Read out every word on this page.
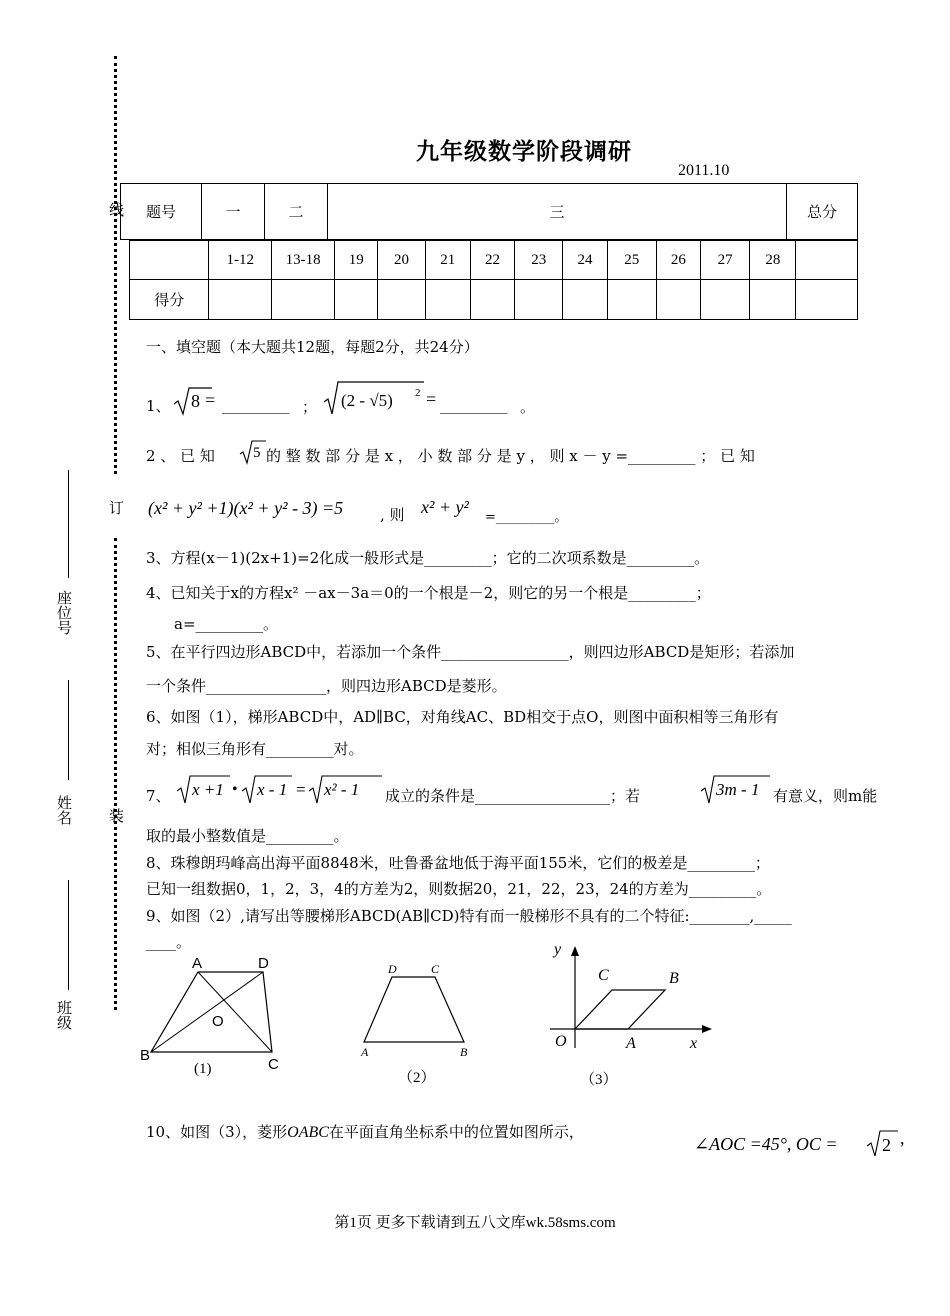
九年级数学阶段调研
2011.10
线
订
装
座位号
姓名
班级
题号	一	二	三	总分
	1-12	13-18	19	20	21	22	23	24	25	26	27	28	
得分													
一、填空题（本大题共12题，每题2分，共24分）
1、 8 = _________ ； (2 - √5) 2 = _________ 。
2 、 已 知 5 的 整 数 部 分 是 x ， 小 数 部 分 是 y ， 则 x － y =_________ ； 已 知
(x² + y² +1)(x² + y² - 3) =5 , 则 x² + y²
=_________。
3、方程(x－1)(2x+1)=2化成一般形式是_________；它的二次项系数是_________。
4、已知关于x的方程x² －ax－3a＝0的一个根是－2，则它的另一个根是_________；
a=_________。
5、在平行四边形ABCD中，若添加一个条件_________________，则四边形ABCD是矩形；若添加
一个条件________________，则四边形ABCD是菱形。
6、如图（1），梯形ABCD中，AD∥BC，对角线AC、BD相交于点O，则图中面积相等三角形有
对；相似三角形有_________对。
7、 x +1 • x - 1 = x² - 1 成立的条件是__________________；若	3m - 1 有意义，则m能
取的最小整数值是_________。
8、珠穆朗玛峰高出海平面8848米，吐鲁番盆地低于海平面155米，它们的极差是_________；
已知一组数据0，1，2，3，4的方差为2，则数据20，21，22，23，24的方差为_________。
9、如图（2）,请写出等腰梯形ABCD(AB∥CD)特有而一般梯形不具有的二个特征:________,_____
____。
A	D
O
B
C
(1)
D	C
A	B
（2）
y
C	B
O	A	x
（3）
10、如图（3），菱形OABC在平面直角坐标系中的位置如图所示，
∠AOC =45°, OC = 2 ,
第1页 更多下载请到五八文库wk.58sms.com
